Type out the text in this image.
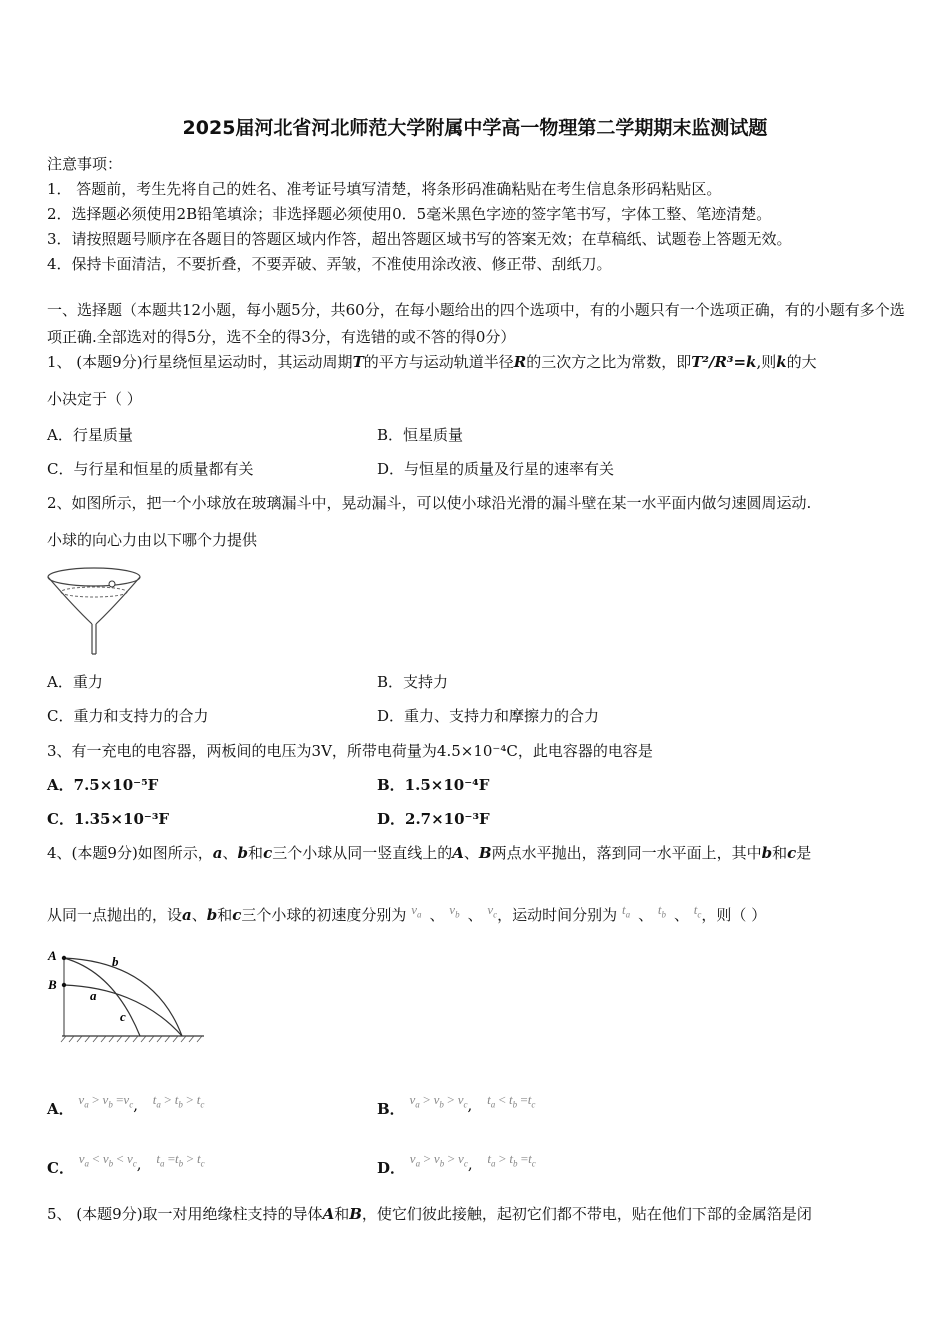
2025届河北省河北师范大学附属中学高一物理第二学期期末监测试题
注意事项：
1． 答题前，考生先将自己的姓名、准考证号填写清楚，将条形码准确粘贴在考生信息条形码粘贴区。
2．选择题必须使用2B铅笔填涂；非选择题必须使用0．5毫米黑色字迹的签字笔书写，字体工整、笔迹清楚。
3．请按照题号顺序在各题目的答题区域内作答，超出答题区域书写的答案无效；在草稿纸、试题卷上答题无效。
4．保持卡面清洁，不要折叠，不要弄破、弄皱，不准使用涂改液、修正带、刮纸刀。
一、选择题（本题共12小题，每小题5分，共60分，在每小题给出的四个选项中，有的小题只有一个选项正确，有的小题有多个选项正确.全部选对的得5分，选不全的得3分，有选错的或不答的得0分）
1、 (本题9分)行星绕恒星运动时，其运动周期T的平方与运动轨道半径R的三次方之比为常数，即T²/R³=k,则k的大
小决定于（ ）
A．行星质量	B．恒星质量
C．与行星和恒星的质量都有关	D．与恒星的质量及行星的速率有关
2、如图所示，把一个小球放在玻璃漏斗中，晃动漏斗，可以使小球沿光滑的漏斗壁在某一水平面内做匀速圆周运动.
小球的向心力由以下哪个力提供
A．重力	B．支持力
C．重力和支持力的合力	D．重力、支持力和摩擦力的合力
3、有一充电的电容器，两板间的电压为3V，所带电荷量为4.5×10⁻⁴C，此电容器的电容是
A．7.5×10⁻⁵F	B．1.5×10⁻⁴F
C．1.35×10⁻³F	D．2.7×10⁻³F
4、(本题9分)如图所示，a、b和c三个小球从同一竖直线上的A、B两点水平抛出，落到同一水平面上，其中b和c是
从同一点抛出的，设a、b和c三个小球的初速度分别为 $v_a$ 、 $v_b$ 、 $v_c$，运动时间分别为 $t_a$ 、 $t_b$ 、 $t_c$，则（ ）
A
B
b
a
c
A． $v_a > v_b =v_c$, $t_a > t_b > t_c$	B． $v_a > v_b > v_c$, $t_a < t_b =t_c$
C． $v_a < v_b < v_c$, $t_a =t_b > t_c$	D． $v_a > v_b > v_c$, $t_a > t_b =t_c$
5、 (本题9分)取一对用绝缘柱支持的导体A和B，使它们彼此接触，起初它们都不带电，贴在他们下部的金属箔是闭
